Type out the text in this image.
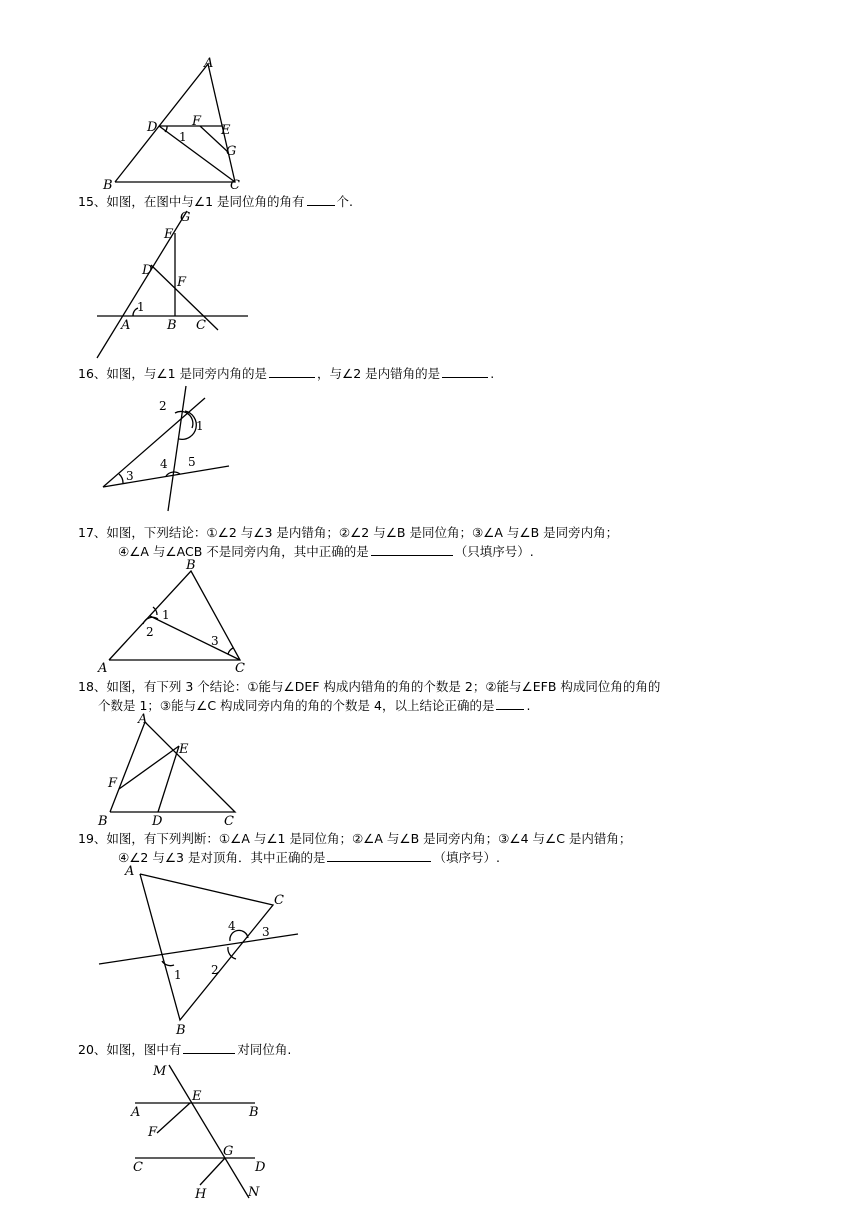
A
B	C
D	E
F
G
1
15、如图，在图中与∠1 是同位角的角有	个.
G
E
D
F
A	B C
1
16、如图，与∠1 是同旁内角的是	，与∠2 是内错角的是	.
2
1
3
4 5
17、如图，下列结论：①∠2 与∠3 是内错角；②∠2 与∠B 是同位角；③∠A 与∠B 是同旁内角；
④∠A 与∠ACB 不是同旁内角，其中正确的是	（只填序号）.
B
A	C
1
2
3
18、如图，有下列 3 个结论：①能与∠DEF 构成内错角的角的个数是 2；②能与∠EFB 构成同位角的角的
个数是 1；③能与∠C 构成同旁内角的角的个数是 4，以上结论正确的是	.
A
E
F
B	D	C
19、如图，有下列判断：①∠A 与∠1 是同位角；②∠A 与∠B 是同旁内角；③∠4 与∠C 是内错角；
④∠2 与∠3 是对顶角．其中正确的是	（填序号）.
A
C
B
1 2
3
4
20、如图，图中有	对同位角.
M
E
A	B
F
C
G
D
H	N
